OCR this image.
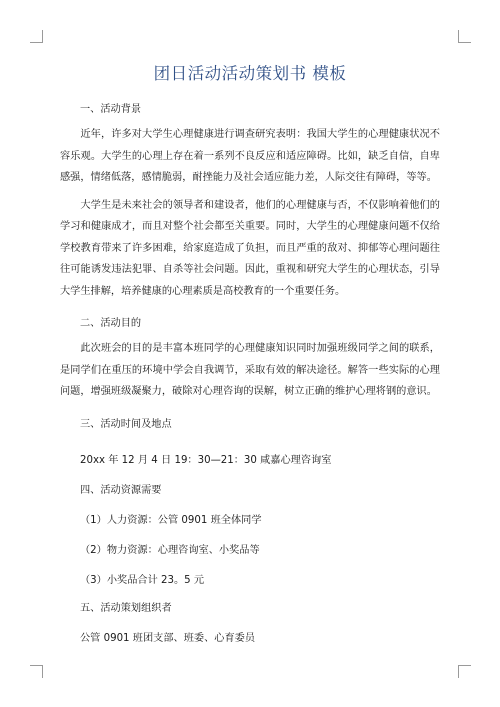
团日活动活动策划书 模板

一、活动背景

近年，许多对大学生心理健康进行调查研究表明：我国大学生的心理健康状况不容乐观。大学生的心理上存在着一系列不良反应和适应障碍。比如，缺乏自信，自卑感强，情绪低落，感情脆弱，耐挫能力及社会适应能力差，人际交往有障碍，等等。

大学生是未来社会的领导者和建设者，他们的心理健康与否，不仅影响着他们的学习和健康成才，而且对整个社会都至关重要。同时，大学生的心理健康问题不仅给学校教育带来了许多困难，给家庭造成了负担，而且严重的敌对、抑郁等心理问题往往可能诱发违法犯罪、自杀等社会问题。因此，重视和研究大学生的心理状态，引导大学生排解，培养健康的心理素质是高校教育的一个重要任务。

二、活动目的

此次班会的目的是丰富本班同学的心理健康知识同时加强班级同学之间的联系，是同学们在重压的环境中学会自我调节，采取有效的解决途径。解答一些实际的心理问题，增强班级凝聚力，破除对心理咨询的误解，树立正确的维护心理将钢的意识。

三、活动时间及地点

20xx 年 12 月 4 日 19：30—21：30 咸嘉心理咨询室

四、活动资源需要

（1）人力资源：公管 0901 班全体同学

（2）物力资源：心理咨询室、小奖品等

（3）小奖品合计 23。5 元

五、活动策划组织者

公管 0901 班团支部、班委、心育委员
